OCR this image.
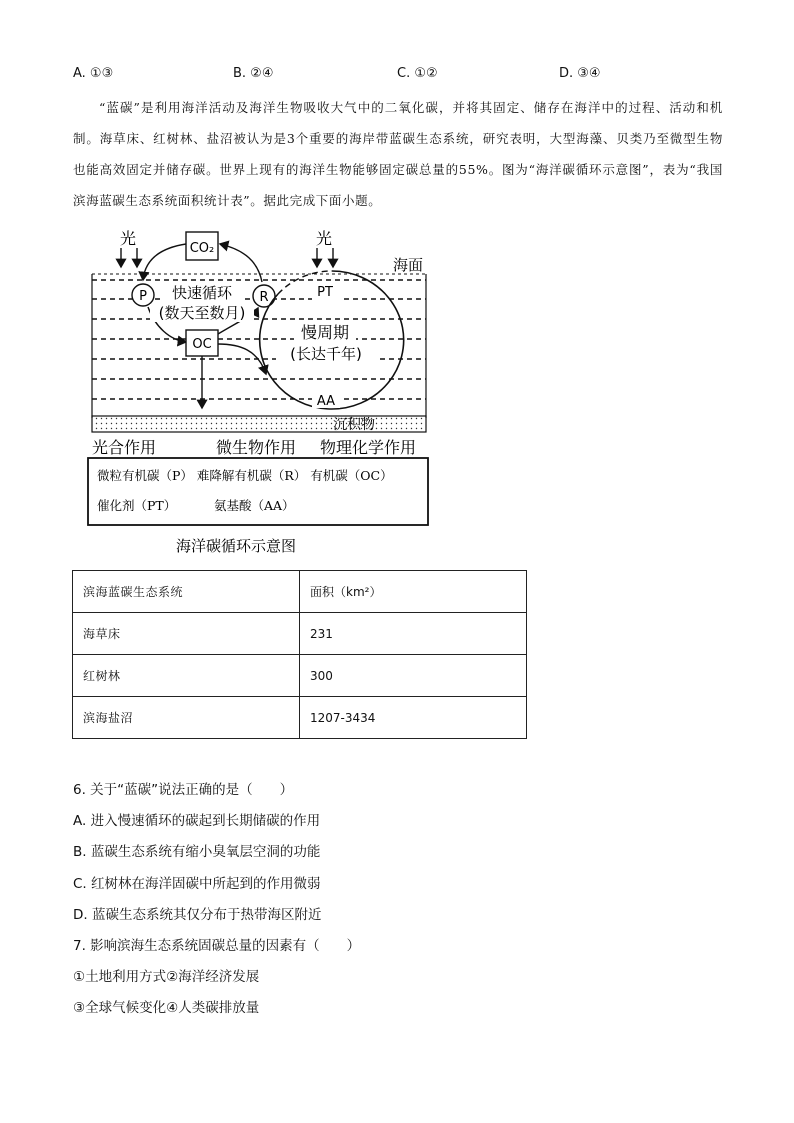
A. ①③	B. ②④	C. ①②	D. ③④

“蓝碳”是利用海洋活动及海洋生物吸收大气中的二氧化碳，并将其固定、储存在海洋中的过程、活动和机制。海草床、红树林、盐沼被认为是3个重要的海岸带蓝碳生态系统，研究表明，大型海藻、贝类乃至微型生物也能高效固定并储存碳。世界上现有的海洋生物能够固定碳总量的55%。图为“海洋碳循环示意图”，表为“我国滨海蓝碳生态系统面积统计表”。据此完成下面小题。

沉积物
光	光
海面
CO₂
P	R
快速循环
(数天至数月)
OC
PT
慢周期
(长达千年)
AA
光合作用	微生物作用 物理化学作用
微粒有机碳（P） 难降解有机碳（R） 有机碳（OC）
催化剂（PT）	氨基酸（AA）
海洋碳循环示意图
滨海蓝碳生态系统	面积（km²）
海草床	231
红树林	300
滨海盐沼	1207-3434
6. 关于“蓝碳”说法正确的是（　　）
A. 进入慢速循环的碳起到长期储碳的作用
B. 蓝碳生态系统有缩小臭氧层空洞的功能
C. 红树林在海洋固碳中所起到的作用微弱
D. 蓝碳生态系统其仅分布于热带海区附近
7. 影响滨海生态系统固碳总量的因素有（　　）
①土地利用方式②海洋经济发展
③全球气候变化④人类碳排放量
